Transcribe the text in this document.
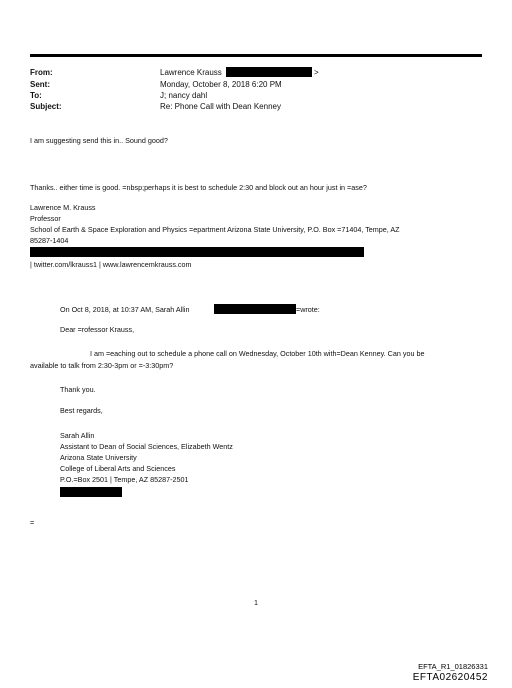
From:	Lawrence Krauss	>
Sent:	Monday, October 8, 2018 6:20 PM
To:	J; nancy dahl
Subject:	Re: Phone Call with Dean Kenney
I am suggesting send this in.. Sound good?
Thanks.. either time is good. =nbsp;perhaps it is best to schedule 2:30 and block out an hour just in =ase?
Lawrence M. Krauss
Professor
School of Earth & Space Exploration and Physics =epartment Arizona State University, P.O. Box =71404, Tempe, AZ
85287-1404
| twitter.com/lkrauss1 | www.lawrencemkrauss.com
On Oct 8, 2018, at 10:37 AM, Sarah Allin	=wrote:
Dear =rofessor Krauss,
I am =eaching out to schedule a phone call on Wednesday, October 10th with=Dean Kenney. Can you be
available to talk from 2:30-3pm or =-3:30pm?
Thank you.
Best regards,
Sarah Allin
Assistant to Dean of Social Sciences, Elizabeth Wentz
Arizona State University
College of Liberal Arts and Sciences
P.O.=Box 2501 | Tempe, AZ 85287-2501
=
1
EFTA_R1_01826331
EFTA02620452
